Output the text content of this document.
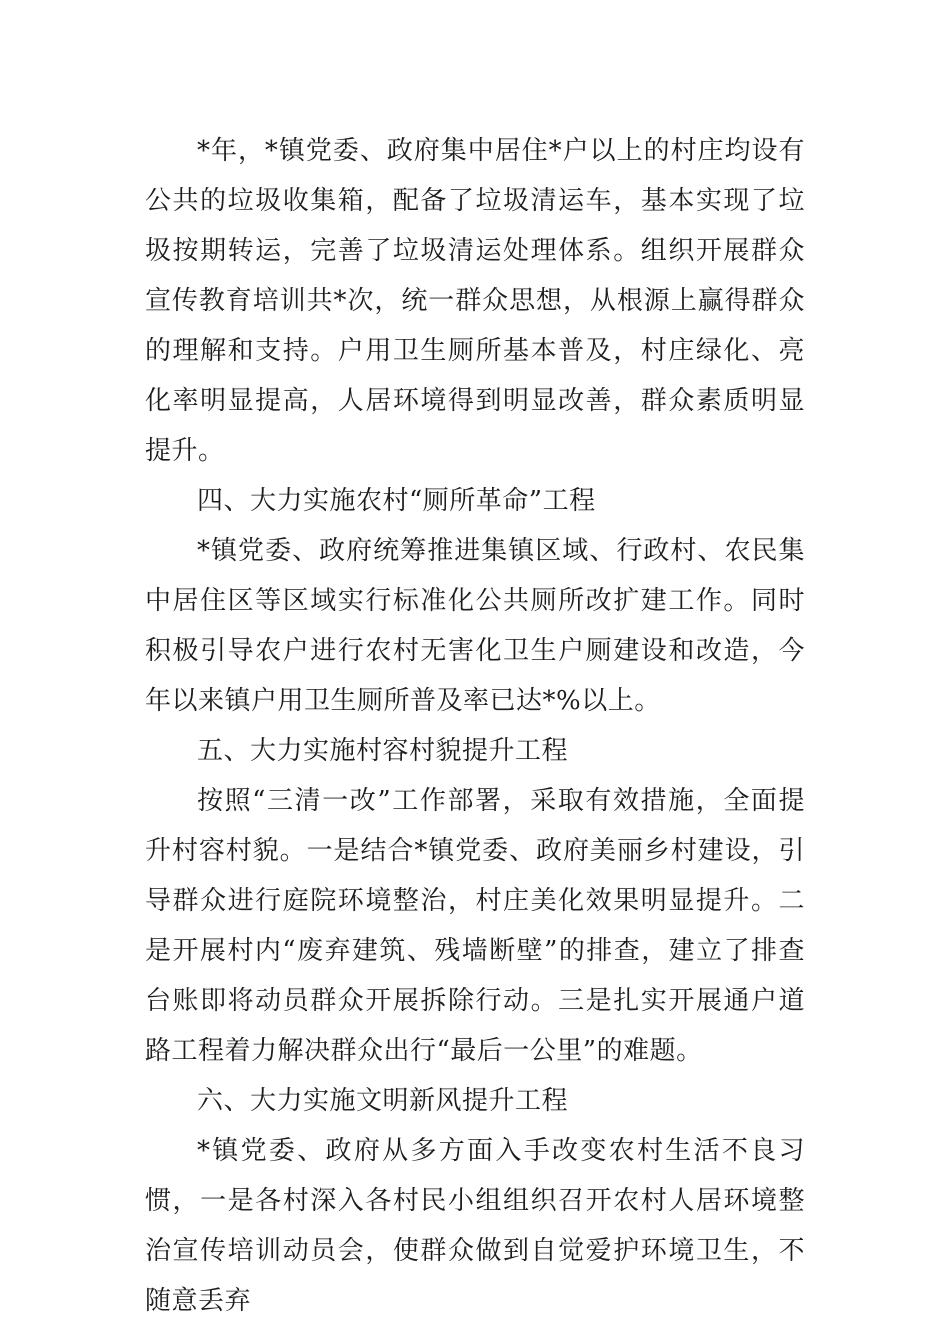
*年，*镇党委、政府集中居住*户以上的村庄均设有公共的垃圾收集箱，配备了垃圾清运车，基本实现了垃圾按期转运，完善了垃圾清运处理体系。组织开展群众宣传教育培训共*次，统一群众思想，从根源上赢得群众的理解和支持。户用卫生厕所基本普及，村庄绿化、亮化率明显提高，人居环境得到明显改善，群众素质明显提升。

四、大力实施农村“厕所革命”工程

*镇党委、政府统筹推进集镇区域、行政村、农民集中居住区等区域实行标准化公共厕所改扩建工作。同时积极引导农户进行农村无害化卫生户厕建设和改造，今年以来镇户用卫生厕所普及率已达*%以上。

五、大力实施村容村貌提升工程

按照“三清一改”工作部署，采取有效措施，全面提升村容村貌。一是结合*镇党委、政府美丽乡村建设，引导群众进行庭院环境整治，村庄美化效果明显提升。二是开展村内“废弃建筑、残墙断壁”的排查，建立了排查台账即将动员群众开展拆除行动。三是扎实开展通户道路工程着力解决群众出行“最后一公里”的难题。

六、大力实施文明新风提升工程

*镇党委、政府从多方面入手改变农村生活不良习惯，一是各村深入各村民小组组织召开农村人居环境整治宣传培训动员会，使群众做到自觉爱护环境卫生，不随意丢弃
